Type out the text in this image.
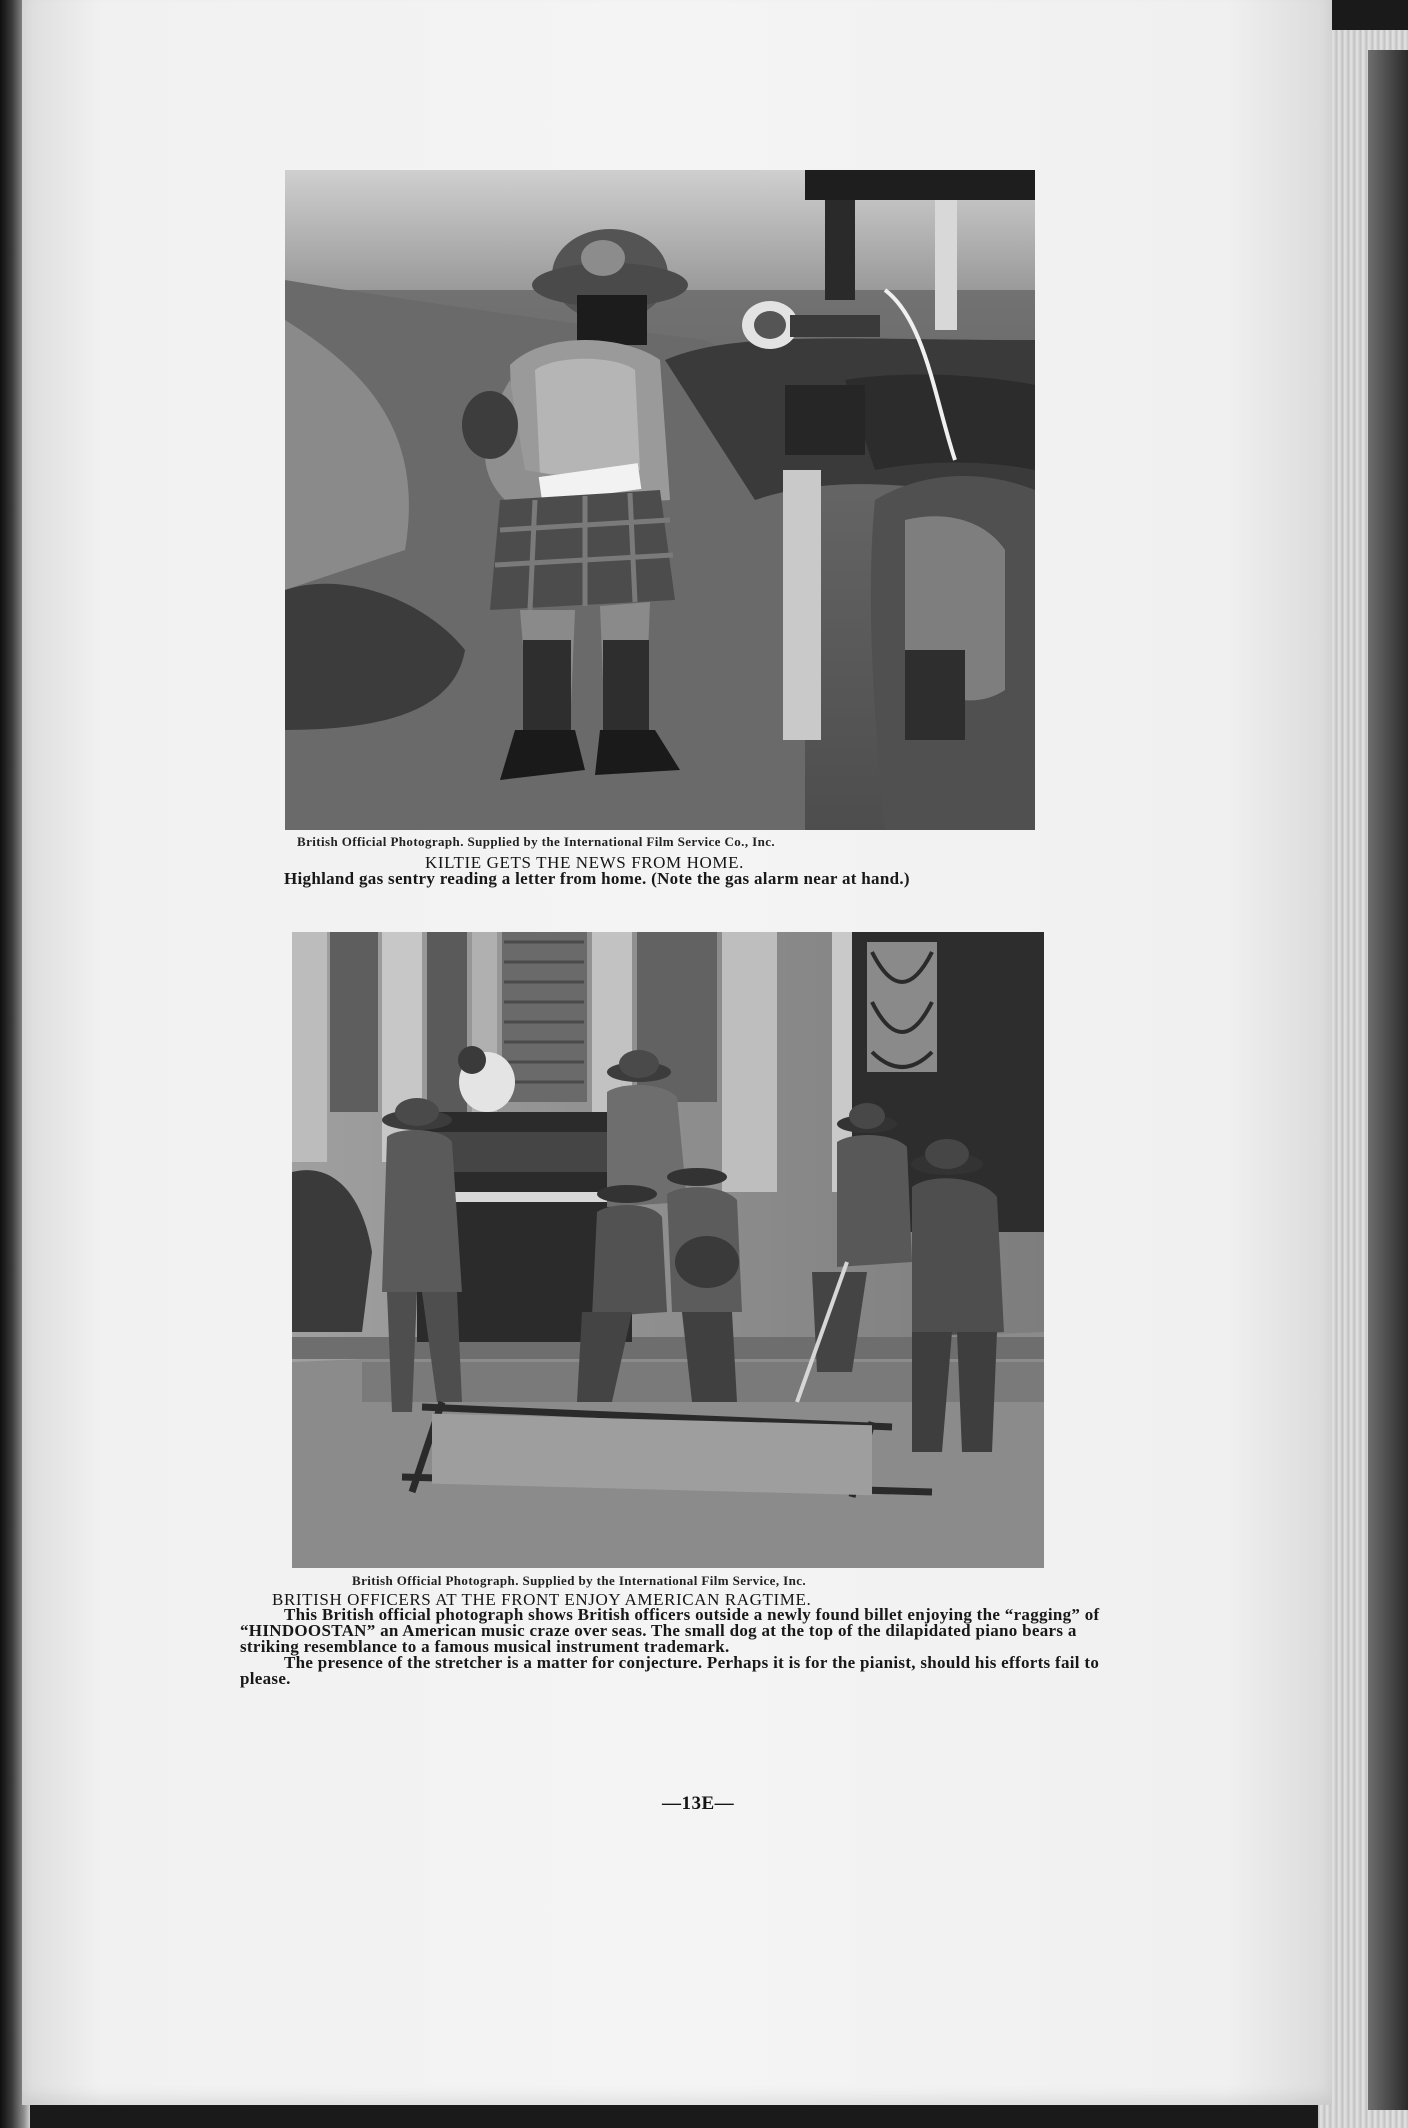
British Official Photograph. Supplied by the International Film Service Co., Inc.
KILTIE GETS THE NEWS FROM HOME.

Highland gas sentry reading a letter from home. (Note the gas alarm near at hand.)

British Official Photograph. Supplied by the International Film Service, Inc.
BRITISH OFFICERS AT THE FRONT ENJOY AMERICAN RAGTIME.

This British official photograph shows British officers outside a newly found billet enjoying the “ragging” of “HINDOOSTAN” an American music craze over seas. The small dog at the top of the dilapidated piano bears a striking resemblance to a famous musical instrument trademark.

The presence of the stretcher is a matter for conjecture. Perhaps it is for the pianist, should his efforts fail to please.

—13E—
